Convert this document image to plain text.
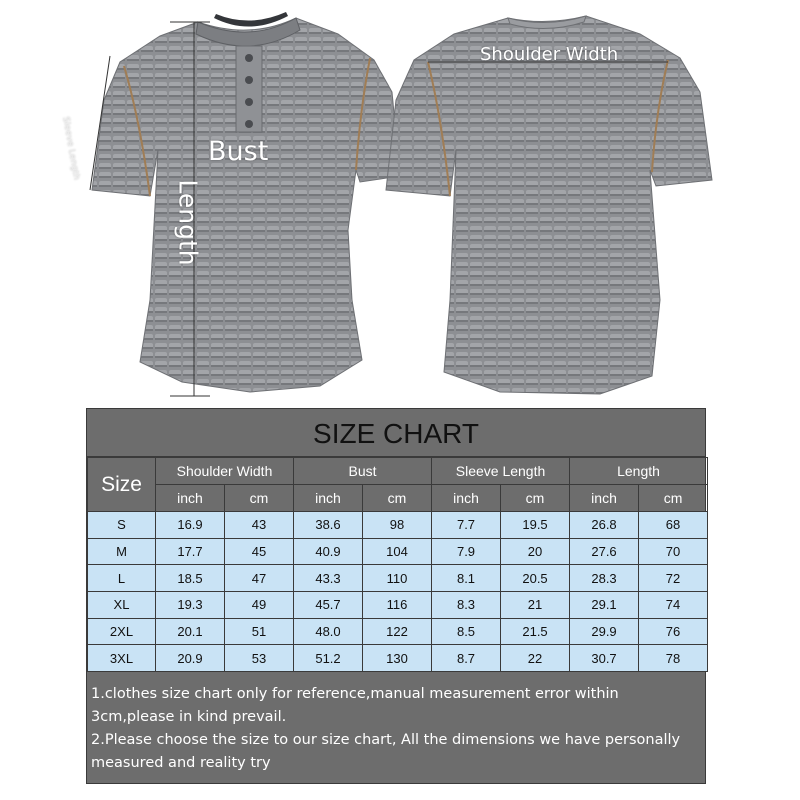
Bust
Length
Shoulder Width
Sleeve Length
SIZE CHART
Size	Shoulder Width		Bust		Sleeve Length		Length	
	inch	cm	inch	cm	inch	cm	inch	cm
S	16.9	43	38.6	98	7.7	19.5	26.8	68
M	17.7	45	40.9	104	7.9	20	27.6	70
L	18.5	47	43.3	110	8.1	20.5	28.3	72
XL	19.3	49	45.7	116	8.3	21	29.1	74
2XL	20.1	51	48.0	122	8.5	21.5	29.9	76
3XL	20.9	53	51.2	130	8.7	22	30.7	78

1.clothes size chart only for reference,manual measurement error within 3cm,please in kind prevail.

2.Please choose the size to our size chart, All the dimensions we have personally measured and reality try
